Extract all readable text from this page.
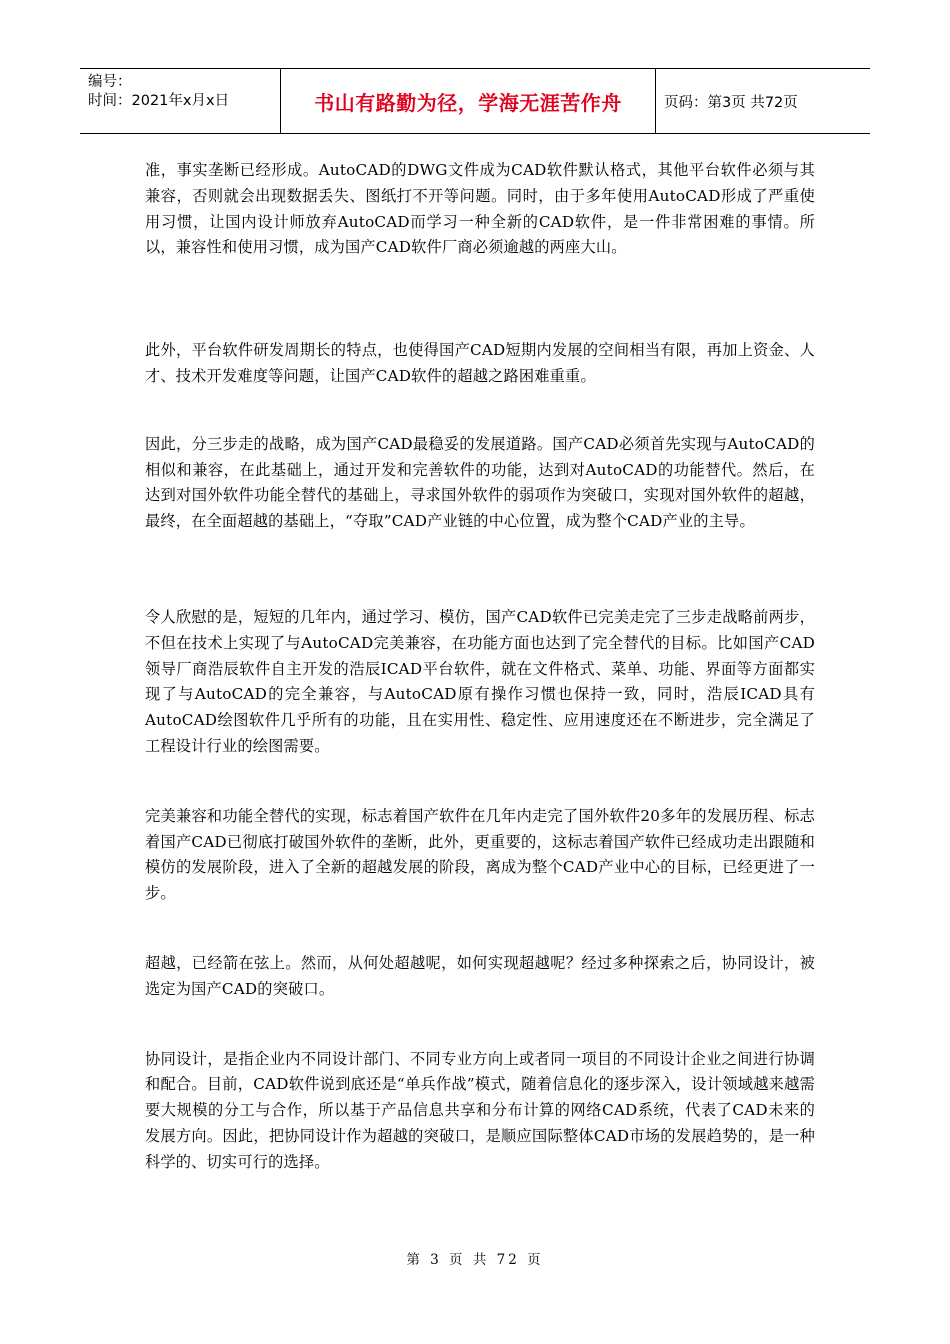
编号：
时间：2021年x月x日	书山有路勤为径，学海无涯苦作舟	页码：第3页 共72页

准，事实垄断已经形成。AutoCAD的DWG文件成为CAD软件默认格式，其他平台软件必须与其兼容，否则就会出现数据丢失、图纸打不开等问题。同时，由于多年使用AutoCAD形成了严重使用习惯，让国内设计师放弃AutoCAD而学习一种全新的CAD软件，是一件非常困难的事情。所以，兼容性和使用习惯，成为国产CAD软件厂商必须逾越的两座大山。

此外，平台软件研发周期长的特点，也使得国产CAD短期内发展的空间相当有限，再加上资金、人才、技术开发难度等问题，让国产CAD软件的超越之路困难重重。

因此，分三步走的战略，成为国产CAD最稳妥的发展道路。国产CAD必须首先实现与AutoCAD的相似和兼容，在此基础上，通过开发和完善软件的功能，达到对AutoCAD的功能替代。然后，在达到对国外软件功能全替代的基础上，寻求国外软件的弱项作为突破口，实现对国外软件的超越，最终，在全面超越的基础上，“夺取”CAD产业链的中心位置，成为整个CAD产业的主导。

令人欣慰的是，短短的几年内，通过学习、模仿，国产CAD软件已完美走完了三步走战略前两步，不但在技术上实现了与AutoCAD完美兼容，在功能方面也达到了完全替代的目标。比如国产CAD领导厂商浩辰软件自主开发的浩辰ICAD平台软件，就在文件格式、菜单、功能、界面等方面都实现了与AutoCAD的完全兼容，与AutoCAD原有操作习惯也保持一致，同时，浩辰ICAD具有AutoCAD绘图软件几乎所有的功能，且在实用性、稳定性、应用速度还在不断进步，完全满足了工程设计行业的绘图需要。

完美兼容和功能全替代的实现，标志着国产软件在几年内走完了国外软件20多年的发展历程、标志着国产CAD已彻底打破国外软件的垄断，此外，更重要的，这标志着国产软件已经成功走出跟随和模仿的发展阶段，进入了全新的超越发展的阶段，离成为整个CAD产业中心的目标，已经更进了一步。

超越，已经箭在弦上。然而，从何处超越呢，如何实现超越呢？经过多种探索之后，协同设计，被选定为国产CAD的突破口。

协同设计，是指企业内不同设计部门、不同专业方向上或者同一项目的不同设计企业之间进行协调和配合。目前，CAD软件说到底还是“单兵作战”模式，随着信息化的逐步深入，设计领域越来越需要大规模的分工与合作，所以基于产品信息共享和分布计算的网络CAD系统，代表了CAD未来的发展方向。因此，把协同设计作为超越的突破口，是顺应国际整体CAD市场的发展趋势的，是一种科学的、切实可行的选择。

第 3 页 共 72 页
